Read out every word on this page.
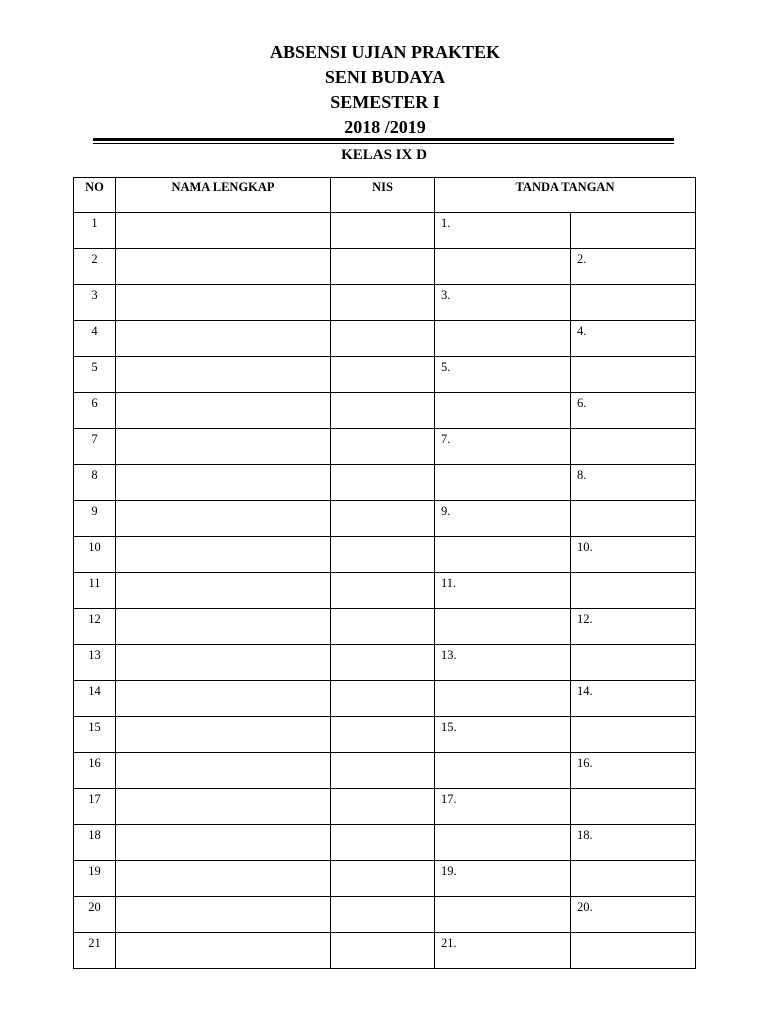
ABSENSI UJIAN PRAKTEK
SENI BUDAYA
SEMESTER I
2018 /2019
KELAS IX D
NO	NAMA LENGKAP	NIS	TANDA TANGAN	
1			1.	
2				2.
3			3.	
4				4.
5			5.	
6				6.
7			7.	
8				8.
9			9.	
10				10.
11			11.	
12				12.
13			13.	
14				14.
15			15.	
16				16.
17			17.	
18				18.
19			19.	
20				20.
21			21.	
